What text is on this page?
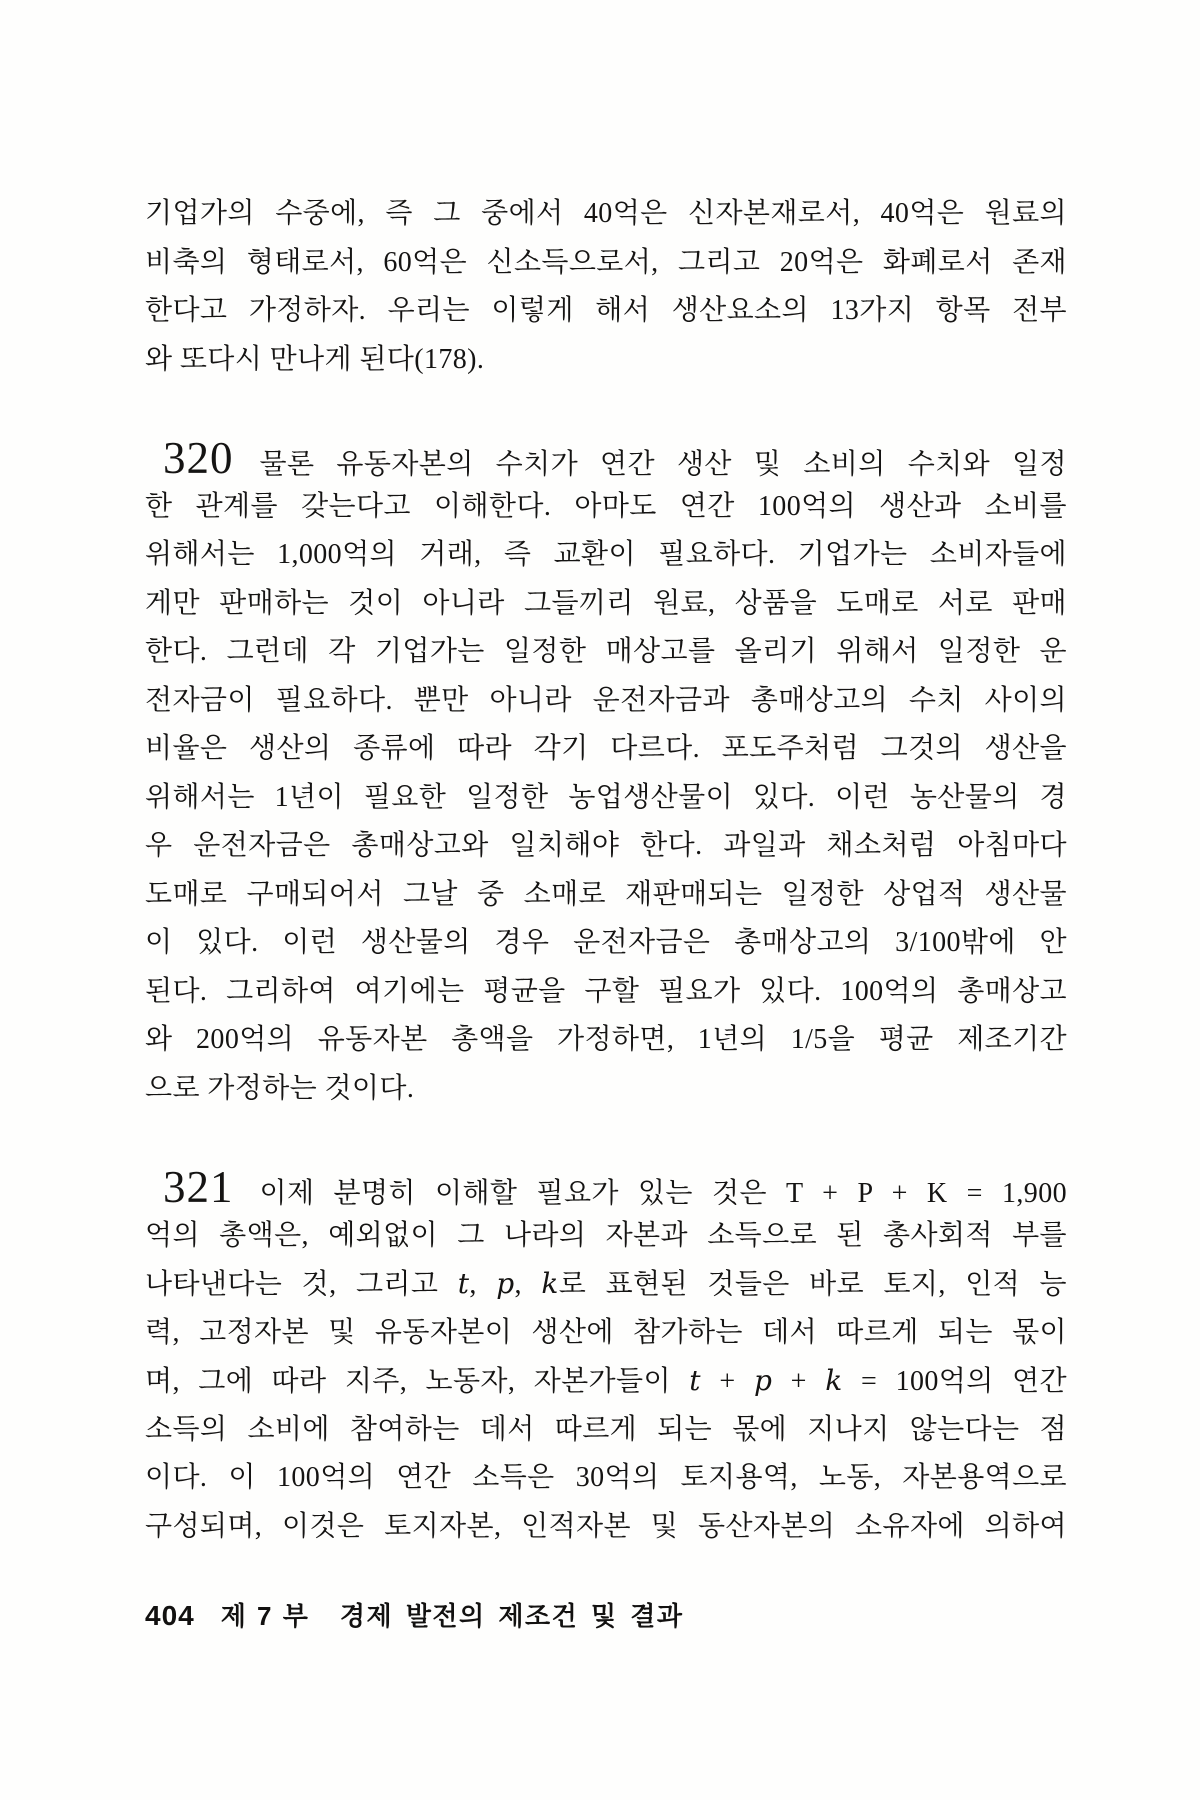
기업가의 수중에, 즉 그 중에서 40억은 신자본재로서, 40억은 원료의
비축의 형태로서, 60억은 신소득으로서, 그리고 20억은 화폐로서 존재
한다고 가정하자. 우리는 이렇게 해서 생산요소의 13가지 항목 전부
와 또다시 만나게 된다(178).
320 물론 유동자본의 수치가 연간 생산 및 소비의 수치와 일정
한 관계를 갖는다고 이해한다. 아마도 연간 100억의 생산과 소비를
위해서는 1,000억의 거래, 즉 교환이 필요하다. 기업가는 소비자들에
게만 판매하는 것이 아니라 그들끼리 원료, 상품을 도매로 서로 판매
한다. 그런데 각 기업가는 일정한 매상고를 올리기 위해서 일정한 운
전자금이 필요하다. 뿐만 아니라 운전자금과 총매상고의 수치 사이의
비율은 생산의 종류에 따라 각기 다르다. 포도주처럼 그것의 생산을
위해서는 1년이 필요한 일정한 농업생산물이 있다. 이런 농산물의 경
우 운전자금은 총매상고와 일치해야 한다. 과일과 채소처럼 아침마다
도매로 구매되어서 그날 중 소매로 재판매되는 일정한 상업적 생산물
이 있다. 이런 생산물의 경우 운전자금은 총매상고의 3/100밖에 안
된다. 그리하여 여기에는 평균을 구할 필요가 있다. 100억의 총매상고
와 200억의 유동자본 총액을 가정하면, 1년의 1/5을 평균 제조기간
으로 가정하는 것이다.
321 이제 분명히 이해할 필요가 있는 것은 T + P + K = 1,900
억의 총액은, 예외없이 그 나라의 자본과 소득으로 된 총사회적 부를
나타낸다는 것, 그리고 t, p, k로 표현된 것들은 바로 토지, 인적 능
력, 고정자본 및 유동자본이 생산에 참가하는 데서 따르게 되는 몫이
며, 그에 따라 지주, 노동자, 자본가들이 t + p + k = 100억의 연간
소득의 소비에 참여하는 데서 따르게 되는 몫에 지나지 않는다는 점
이다. 이 100억의 연간 소득은 30억의 토지용역, 노동, 자본용역으로
구성되며, 이것은 토지자본, 인적자본 및 동산자본의 소유자에 의하여
404 제 7 부 경제 발전의 제조건 및 결과
